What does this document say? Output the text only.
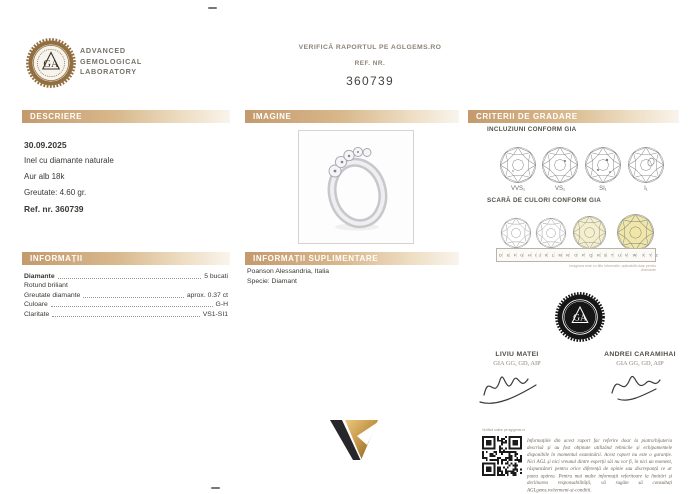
GA
ADVANCED
GEMOLOGICAL
LABORATORY
VERIFICĂ RAPORTUL PE AGLGEMS.RO
REF. NR.
360739
DESCRIERE	IMAGINE	CRITERII DE GRADARE
INFORMAȚII	INFORMAȚII SUPLIMENTARE
30.09.2025
Inel cu diamante naturale
Aur alb 18k
Greutate: 4.60 gr.
Ref. nr. 360739
Diamante	5 bucati
Rotund briliant
Greutate diamante	aprox. 0.37 ct
Culoare	G-H
Claritate	VS1-SI1
Poanson Alessandria, Italia
Specie: Diamant
INCLUZIUNI CONFORM GIA
VVS₁	VS₁	SI₁	I₁
SCARĂ DE CULORI CONFORM GIA
D E F G H I J K L M N O P Q R S T U V W X Y Z
Imaginea este cu titlu informativ, aplicabilă doar pentru diamante
GA
LIVIU MATEI
GIA GG, GD, AIP
ANDREI CARAMIHAI
GIA GG, GD, AIP
Verifică online pe aglgems.ro
Informațiile din acest raport fac referire doar la piatra/bijuteria descrisă și au fost obținute utilizând tehnicile și echipamentele disponibile în momentul examinării. Acest raport nu este o garanție. Nici AGL și nici vreunul dintre experții săi nu vor fi, în nici un moment, răspunzători pentru orice diferență de opinie sau discrepanță ce ar putea apărea. Pentru mai multe informații referitoare la limitări și declinarea responsabilității, vă rugăm să consultați AGLgems.ro/termeni-si-conditii.
